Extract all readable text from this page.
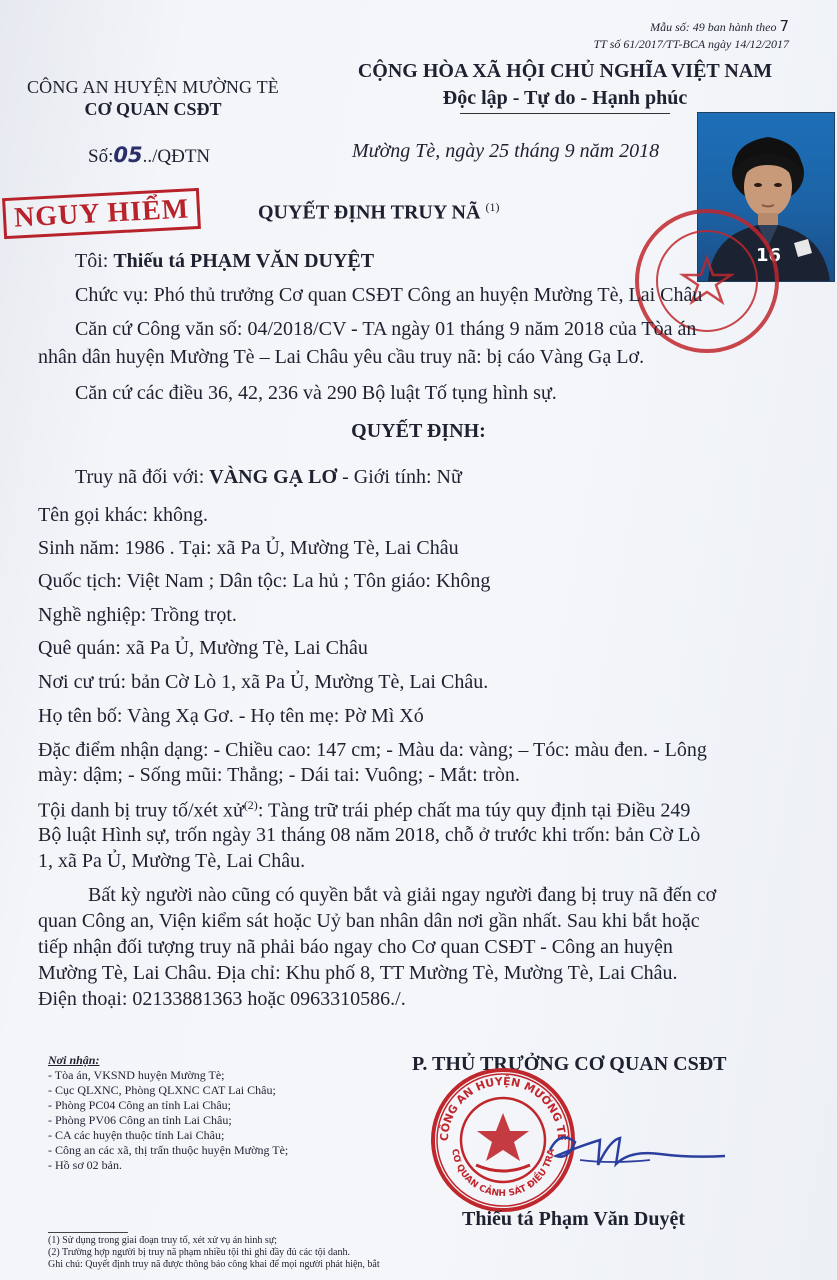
Mẫu số: 49 ban hành theo 7
TT số 61/2017/TT-BCA ngày 14/12/2017
CÔNG AN HUYỆN MƯỜNG TÈ
CƠ QUAN CSĐT
CỘNG HÒA XÃ HỘI CHỦ NGHĨA VIỆT NAM
Độc lập - Tự do - Hạnh phúc
Số:05../QĐTN	Mường Tè, ngày 25 tháng 9 năm 2018
16
NGUY HIỂM	QUYẾT ĐỊNH TRUY NÃ $^{(1)}$
Tôi: Thiếu tá PHẠM VĂN DUYỆT
Chức vụ: Phó thủ trưởng Cơ quan CSĐT Công an huyện Mường Tè, Lai Châu
Căn cứ Công văn số: 04/2018/CV - TA ngày 01 tháng 9 năm 2018 của Tòa án
nhân dân huyện Mường Tè – Lai Châu yêu cầu truy nã: bị cáo Vàng Gạ Lơ.
Căn cứ các điều 36, 42, 236 và 290 Bộ luật Tố tụng hình sự.
QUYẾT ĐỊNH:
Truy nã đối với: VÀNG GẠ LƠ - Giới tính: Nữ
Tên gọi khác: không.
Sinh năm: 1986 . Tại: xã Pa Ủ, Mường Tè, Lai Châu
Quốc tịch: Việt Nam ; Dân tộc: La hủ ; Tôn giáo: Không
Nghề nghiệp: Trồng trọt.
Quê quán: xã Pa Ủ, Mường Tè, Lai Châu
Nơi cư trú: bản Cờ Lò 1, xã Pa Ủ, Mường Tè, Lai Châu.
Họ tên bố: Vàng Xạ Gơ. - Họ tên mẹ: Pờ Mì Xó
Đặc điểm nhận dạng: - Chiều cao: 147 cm; - Màu da: vàng; – Tóc: màu đen. - Lông
mày: dậm; - Sống mũi: Thẳng; - Dái tai: Vuông; - Mắt: tròn.
Tội danh bị truy tố/xét xử$^{(2)}$: Tàng trữ trái phép chất ma túy quy định tại Điều 249
Bộ luật Hình sự, trốn ngày 31 tháng 08 năm 2018, chỗ ở trước khi trốn: bản Cờ Lò
1, xã Pa Ủ, Mường Tè, Lai Châu.
Bất kỳ người nào cũng có quyền bắt và giải ngay người đang bị truy nã đến cơ
quan Công an, Viện kiểm sát hoặc Uỷ ban nhân dân nơi gần nhất. Sau khi bắt hoặc
tiếp nhận đối tượng truy nã phải báo ngay cho Cơ quan CSĐT - Công an huyện
Mường Tè, Lai Châu. Địa chỉ: Khu phố 8, TT Mường Tè, Mường Tè, Lai Châu.
Điện thoại: 02133881363 hoặc 0963310586./.
Nơi nhận:
- Tòa án, VKSND huyện Mường Tè;
- Cục QLXNC, Phòng QLXNC CAT Lai Châu;
- Phòng PC04 Công an tỉnh Lai Châu;
- Phòng PV06 Công an tỉnh Lai Châu;
- CA các huyện thuộc tỉnh Lai Châu;
- Công an các xã, thị trấn thuộc huyện Mường Tè;
- Hồ sơ 02 bản.
P. THỦ TRƯỞNG CƠ QUAN CSĐT
CÔNG AN HUYỆN MƯỜNG TÈ
CƠ QUAN CẢNH SÁT ĐIỀU TRA
Thiếu tá Phạm Văn Duyệt
(1) Sử dụng trong giai đoạn truy tố, xét xử vụ án hình sự;
(2) Trường hợp người bị truy nã phạm nhiều tội thì ghi đầy đủ các tội danh.
Ghi chú: Quyết định truy nã được thông báo công khai để mọi người phát hiện, bắt
